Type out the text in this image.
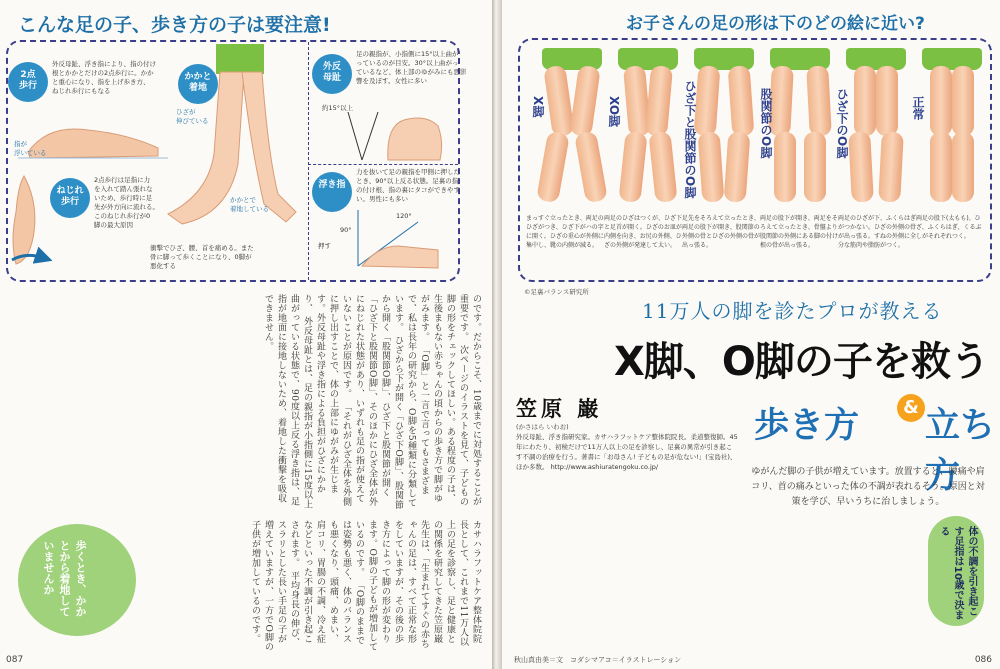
こんな足の子、歩き方の子は要注意!
2点
歩行
外反母趾、浮き指により、指の付け
根とかかとだけの2点歩行に。かか
と重心になり、指を上げ歩き方、
ねじれ歩行にもなる
指が
浮いている
ねじれ
歩行
2点歩行は足指に力
を入れて踏ん張れな
いため、歩行時に足
先が外方向に流れる。
このねじれ歩行が0
脚の最大原因
かかと
着地
ひざが
伸びている
かかとで
着地している
衝撃でひざ、腰、首を痛める。また
骨に脚って歩くことになり、0脚が
悪化する
外反
母趾
足の親指が、小指側に15°以上曲が
っているのが目安。30°以上曲がっ
ているなど、体上部のゆがみにも悪影
響を及ぼす。女性に多い
約15°以上
浮き指
力を抜いて足の親指を甲側に押した
とき、90°以上反る状態。足裏の指
の付け根、指の裏にタコができやす
い。男性にも多い
90°
120°
押す
のです。だからこそ、10歳までに対処することが重要です。 次ページのイラストを見て、子どもの脚の形をチェックしてほしい。ある程度の子は、生後まもない赤ちゃんの頃からの歩き方で脚がゆがみます。 「O脚」と一言で言ってもさまざまで、私は長年の研究から、O脚を5種類に分類しています。 ひざから下が開く「ひざ下O脚」、股関節から開く「股関節O脚」、ひざ下と股関節が開く「ひざ下と股関節O脚」、そのほかにひざ全体が外にねじれた状態があり、いずれも足の指が使えていないことが原因です。 「それがひざ全体を外側に押し出すことで、体の上部にゆがみが生じます。外反母趾や浮き指による負担がひざにかかり、 外反母趾とは、足の親指が小指側に15度以上曲がっている状態で、90度以上反る浮き指は、足指が地面に接地しないため、着地した衝撃を吸収できません。
カサハラフットケア整体院院長として、これまで11万人以上の足を診察し、足と健康との関係を研究してきた笠原巌先生は、「生まれてすぐの赤ちゃんの足は、すべて正常な形をしていますが、その後の歩き方によって脚の形が変わります。O脚の子どもが増加しているのです。 「O脚のままでは姿勢も悪く、体のバランスも悪くなり、頭痛、めまい、肩コリ、胃腸の不調、冷え症などといった不調が引き起こされます。 平均身長の伸び、スラリとした長い手足の子が増えていますが、一方でO脚の子供が増加しているのです。
歩くとき、かかとから着地していませんか
087
お子さんの足の形は下のどの絵に近い?
X脚	XO脚	ひざ下と股関節のO脚	股関節のO脚	ひざ下のO脚	正常
まっすぐ立ったとき、両足のひざがつき、ひざ下がハの字に開く。ひざの重心が外側に集中し、靴の内側が減る。
両足のひざはつくが、ひざ下と足首が開く。ひざのお皿が内側を向き、お尻の外側、ひざの外側が発達して太い。
足先をそろえて立ったとき、両足の股下が開き、股関節の外側の骨とひざの外側の骨が出っ張る。
両足の股下が開き、両足をそろえて立ったとき、骨盤より股関節の外側にある脚の付け根の骨が出っ張る。
両足のひざが下、ふくらはぎがつかない。ひざの外側の骨が出っ張る。すねの外側に全分な筋肉や脂肪がつく。
両足の股下(太もも)、ひざ、ふくらはぎ、くるぶしがそれぞれつく。
©足裏バランス研究所
11万人の脚を診たプロが教える
X脚、O脚の子を救う
歩き方	& 立ち方
笠原 巌
(かさはら いわお)
外反母趾、浮き指研究家。カサハラフットケア整体院院長。柔道整復師。45年にわたり、初検だけで11万人以上の足を診察し、足裏の異常が引き起こす不調の治療を行う。著書に「お母さん! 子どもの足が危ない!」(宝島社)、ほか多数。 http://www.ashiuratengoku.co.jp/	ゆがんだ脚の子供が増えています。放置すると、腰痛や肩コリ、首の痛みといった体の不調が表れるそう。原因と対策を学び、早いうちに治しましょう。
体の不調を引き起こす足指は10歳で決まる
秋山真由美＝文　コダシマアコ＝イラストレーション	086
